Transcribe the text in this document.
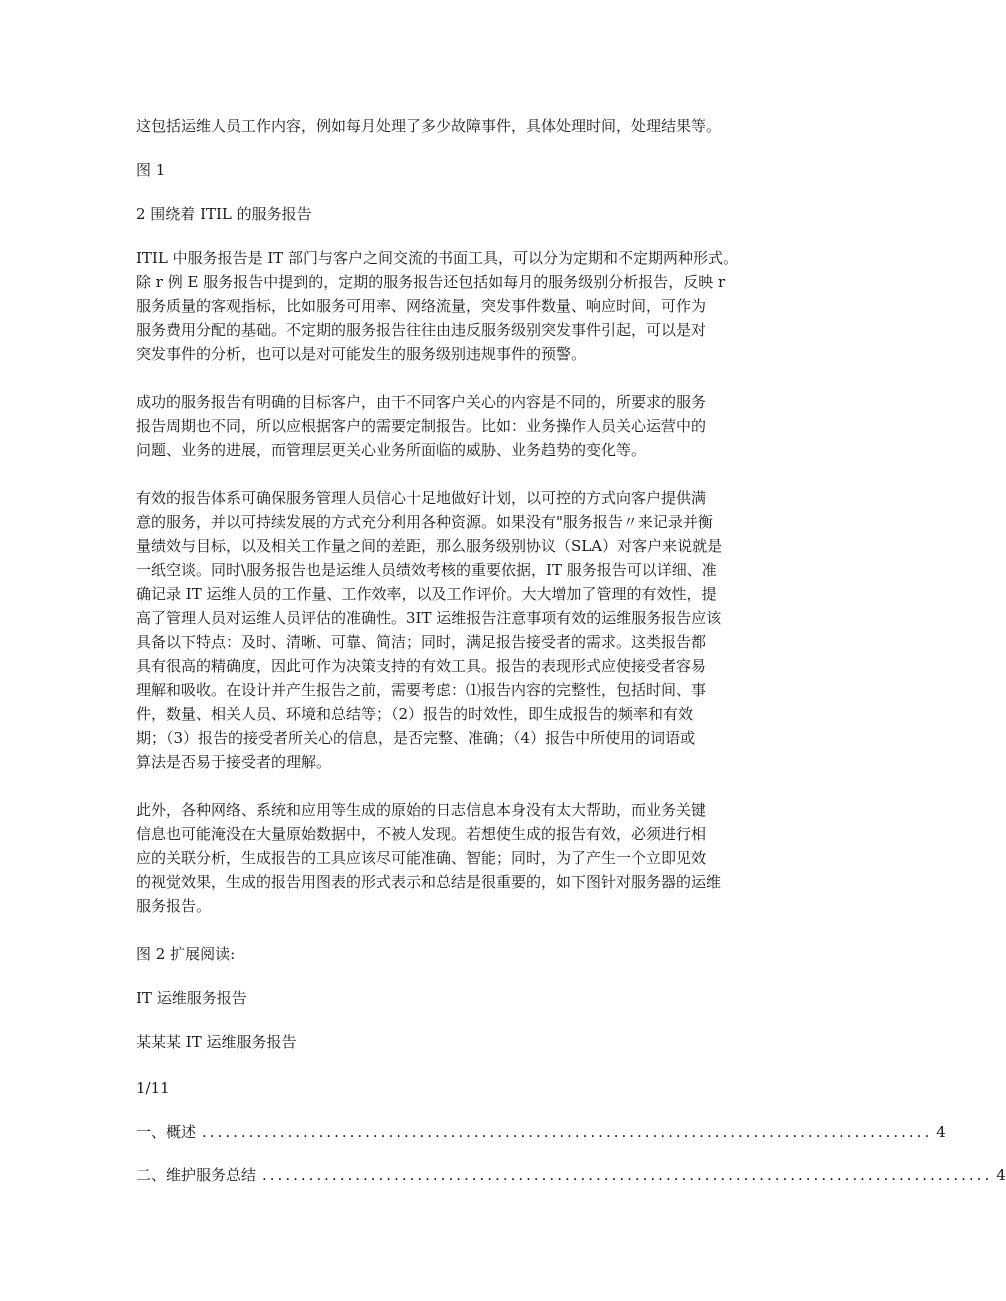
这包括运维人员工作内容，例如每月处理了多少故障事件，具体处理时间，处理结果等。
图 1
2 围绕着 ITIL 的服务报告
ITIL 中服务报告是 IT 部门与客户之间交流的书面工具，可以分为定期和不定期两种形式。
除 r 例 E 服务报告中提到的，定期的服务报告还包括如每月的服务级别分析报告，反映 r
服务质量的客观指标，比如服务可用率、网络流量，突发事件数量、响应时间，可作为
服务费用分配的基础。不定期的服务报告往往由违反服务级别突发事件引起，可以是对
突发事件的分析，也可以是对可能发生的服务级别违规事件的预警。
成功的服务报告有明确的目标客户，由干不同客户关心的内容是不同的，所要求的服务
报告周期也不同，所以应根据客户的需要定制报告。比如：业务操作人员关心运营中的
问题、业务的进展，而管理层更关心业务所面临的威胁、业务趋势的变化等。
有效的报告体系可确保服务管理人员信心十足地做好计划，以可控的方式向客户提供满
意的服务，并以可持续发展的方式充分利用各种资源。如果没有"服务报告〃来记录并衡
量绩效与目标，以及相关工作量之间的差距，那么服务级别协议（SLA）对客户来说就是
一纸空谈。同时\服务报告也是运维人员绩效考核的重要依据，IT 服务报告可以详细、准
确记录 IT 运维人员的工作量、工作效率，以及工作评价。大大增加了管理的有效性，提
高了管理人员对运维人员评估的准确性。3IT 运维报告注意事项有效的运维服务报告应该
具备以下特点：及时、清晰、可靠、简洁；同时，满足报告接受者的需求。这类报告都
具有很高的精确度，因此可作为决策支持的有效工具。报告的表现形式应使接受者容易
理解和吸收。在设计并产生报告之前，需要考虑：⑴报告内容的完整性，包括时间、事
件，数量、相关人员、环境和总结等；（2）报告的时效性，即生成报告的频率和有效
期；（3）报告的接受者所关心的信息，是否完整、准确；（4）报告中所使用的词语或
算法是否易于接受者的理解。
此外，各种网络、系统和应用等生成的原始的日志信息本身没有太大帮助，而业务关键
信息也可能淹没在大量原始数据中，不被人发现。若想使生成的报告有效，必须进行相
应的关联分析，生成报告的工具应该尽可能准确、智能；同时，为了产生一个立即见效
的视觉效果，生成的报告用图表的形式表示和总结是很重要的，如下图针对服务器的运维
服务报告。
图 2 扩展阅读:
IT 运维服务报告
某某某 IT 运维服务报告
1/11
一、概述 .............................................................................................. 4
二、维护服务总结 .............................................................................................. 4
